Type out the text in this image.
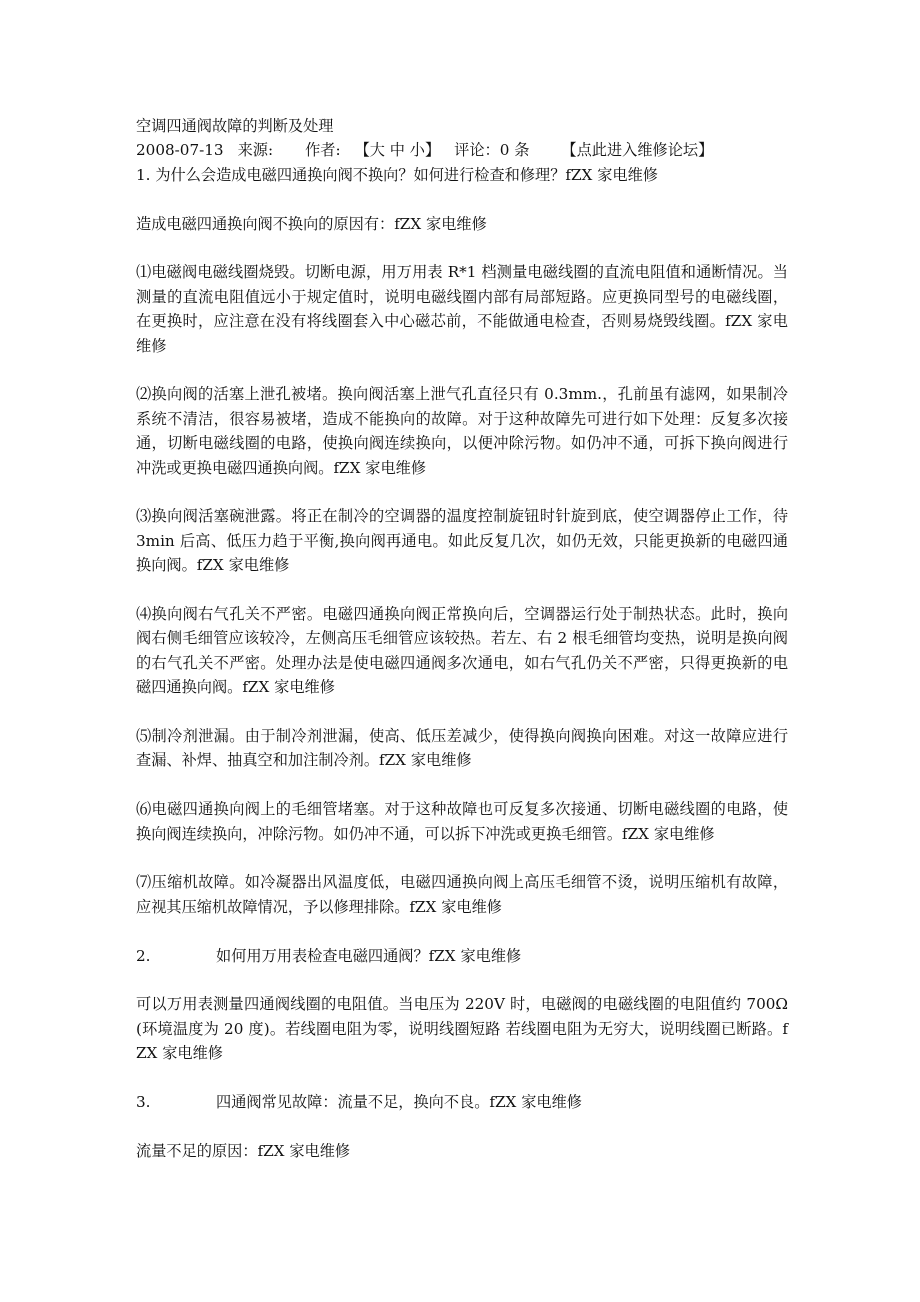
空调四通阀故障的判断及处理
2008-07-13 来源: 作者: 【大 中 小】 评论：0 条 【点此进入维修论坛】
1. 为什么会造成电磁四通换向阀不换向？如何进行检查和修理？fZX 家电维修
造成电磁四通换向阀不换向的原因有：fZX 家电维修

⑴电磁阀电磁线圈烧毁。切断电源，用万用表 R*1 档测量电磁线圈的直流电阻值和通断情况。当测量的直流电阻值远小于规定值时，说明电磁线圈内部有局部短路。应更换同型号的电磁线圈，在更换时，应注意在没有将线圈套入中心磁芯前，不能做通电检查，否则易烧毁线圈。fZX 家电维修

⑵换向阀的活塞上泄孔被堵。换向阀活塞上泄气孔直径只有 0.3mm.，孔前虽有滤网，如果制冷系统不清洁，很容易被堵，造成不能换向的故障。对于这种故障先可进行如下处理：反复多次接通，切断电磁线圈的电路，使换向阀连续换向，以便冲除污物。如仍冲不通，可拆下换向阀进行冲洗或更换电磁四通换向阀。fZX 家电维修

⑶换向阀活塞碗泄露。将正在制冷的空调器的温度控制旋钮时针旋到底，使空调器停止工作，待 3min 后高、低压力趋于平衡,换向阀再通电。如此反复几次，如仍无效，只能更换新的电磁四通换向阀。fZX 家电维修

⑷换向阀右气孔关不严密。电磁四通换向阀正常换向后，空调器运行处于制热状态。此时，换向阀右侧毛细管应该较冷，左侧高压毛细管应该较热。若左、右 2 根毛细管均变热，说明是换向阀的右气孔关不严密。处理办法是使电磁四通阀多次通电，如右气孔仍关不严密，只得更换新的电磁四通换向阀。fZX 家电维修

⑸制冷剂泄漏。由于制冷剂泄漏，使高、低压差减少，使得换向阀换向困难。对这一故障应进行查漏、补焊、抽真空和加注制冷剂。fZX 家电维修

⑹电磁四通换向阀上的毛细管堵塞。对于这种故障也可反复多次接通、切断电磁线圈的电路，使换向阀连续换向，冲除污物。如仍冲不通，可以拆下冲洗或更换毛细管。fZX 家电维修

⑺压缩机故障。如冷凝器出风温度低，电磁四通换向阀上高压毛细管不烫，说明压缩机有故障，应视其压缩机故障情况，予以修理排除。fZX 家电维修

2.	如何用万用表检查电磁四通阀？fZX 家电维修

可以万用表测量四通阀线圈的电阻值。当电压为 220V 时，电磁阀的电磁线圈的电阻值约 700Ω(环境温度为 20 度)。若线圈电阻为零，说明线圈短路 若线圈电阻为无穷大，说明线圈已断路。fZX 家电维修

3.	四通阀常见故障：流量不足，换向不良。fZX 家电维修
流量不足的原因：fZX 家电维修
